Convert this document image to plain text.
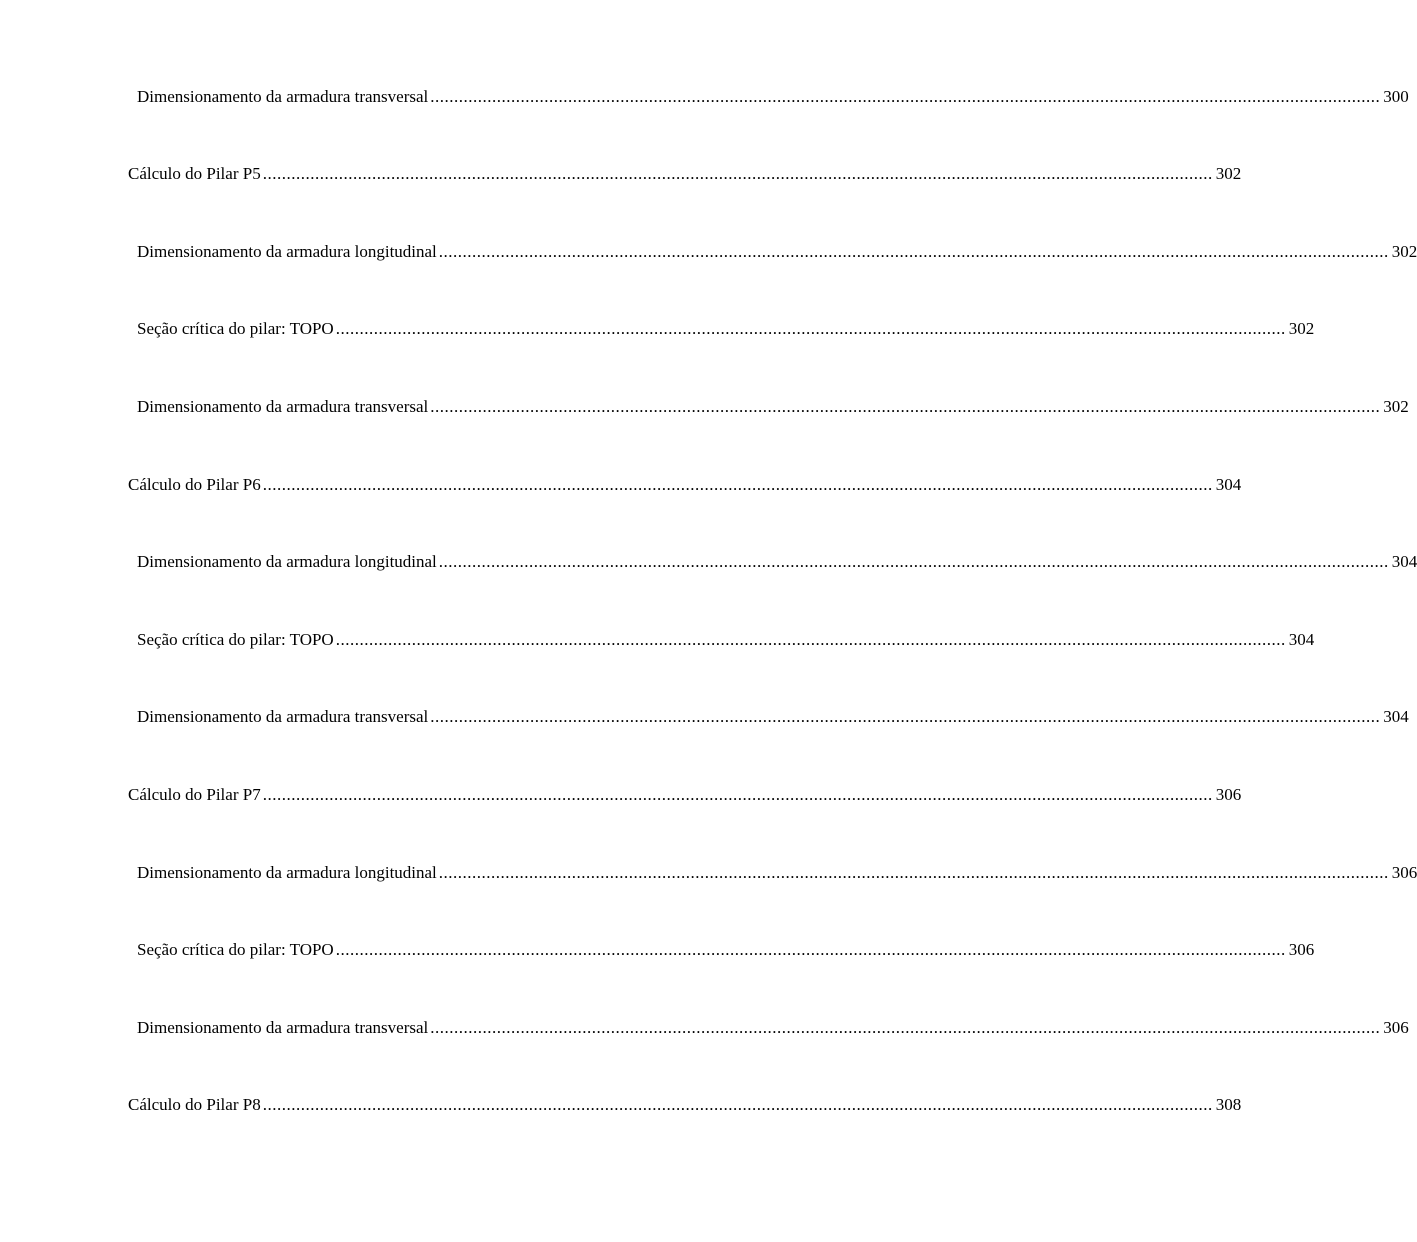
Dimensionamento da armadura transversal ........................................................................................................................................................................................................ 300
Cálculo do Pilar P5 ........................................................................................................................................................................................................ 302
Dimensionamento da armadura longitudinal ........................................................................................................................................................................................................ 302
Seção crítica do pilar: TOPO ........................................................................................................................................................................................................ 302
Dimensionamento da armadura transversal ........................................................................................................................................................................................................ 302
Cálculo do Pilar P6 ........................................................................................................................................................................................................ 304
Dimensionamento da armadura longitudinal ........................................................................................................................................................................................................ 304
Seção crítica do pilar: TOPO ........................................................................................................................................................................................................ 304
Dimensionamento da armadura transversal ........................................................................................................................................................................................................ 304
Cálculo do Pilar P7 ........................................................................................................................................................................................................ 306
Dimensionamento da armadura longitudinal ........................................................................................................................................................................................................ 306
Seção crítica do pilar: TOPO ........................................................................................................................................................................................................ 306
Dimensionamento da armadura transversal ........................................................................................................................................................................................................ 306
Cálculo do Pilar P8 ........................................................................................................................................................................................................ 308
